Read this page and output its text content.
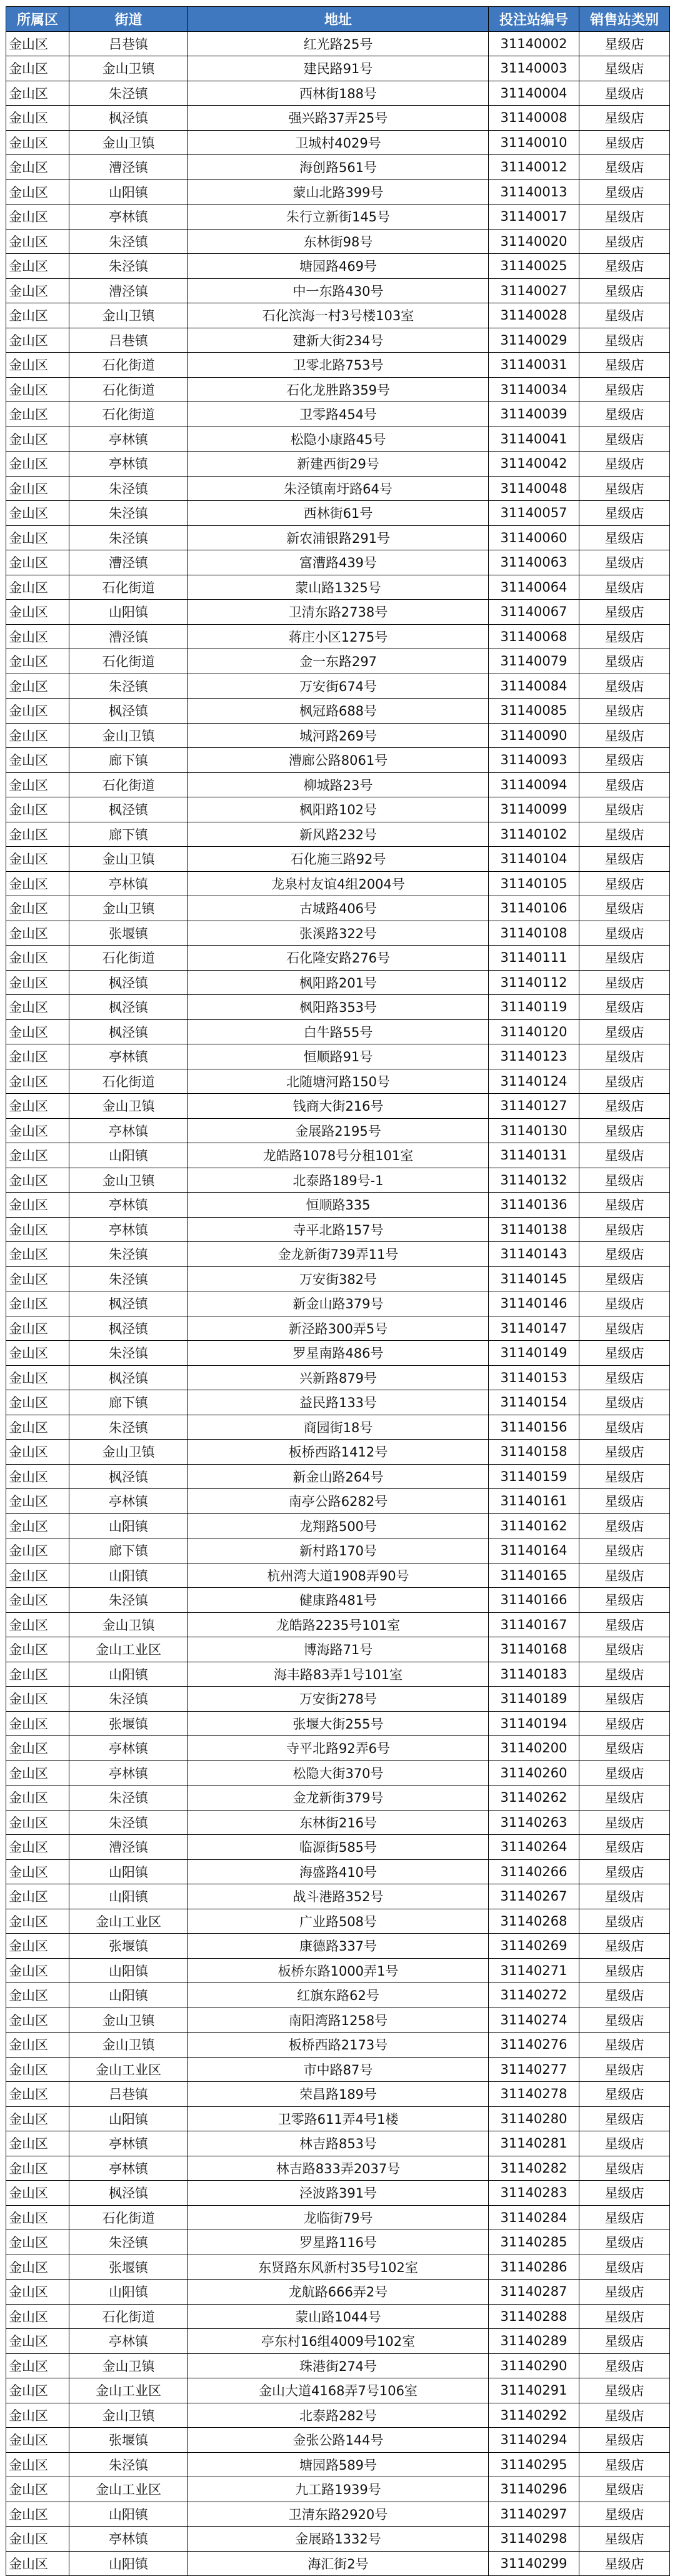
所属区	街道	地址	投注站编号	销售站类别
金山区	吕巷镇	红光路25号	31140002	星级店
金山区	金山卫镇	建民路91号	31140003	星级店
金山区	朱泾镇	西林街188号	31140004	星级店
金山区	枫泾镇	强兴路37弄25号	31140008	星级店
金山区	金山卫镇	卫城村4029号	31140010	星级店
金山区	漕泾镇	海创路561号	31140012	星级店
金山区	山阳镇	蒙山北路399号	31140013	星级店
金山区	亭林镇	朱行立新街145号	31140017	星级店
金山区	朱泾镇	东林街98号	31140020	星级店
金山区	朱泾镇	塘园路469号	31140025	星级店
金山区	漕泾镇	中一东路430号	31140027	星级店
金山区	金山卫镇	石化滨海一村3号楼103室	31140028	星级店
金山区	吕巷镇	建新大街234号	31140029	星级店
金山区	石化街道	卫零北路753号	31140031	星级店
金山区	石化街道	石化龙胜路359号	31140034	星级店
金山区	石化街道	卫零路454号	31140039	星级店
金山区	亭林镇	松隐小康路45号	31140041	星级店
金山区	亭林镇	新建西街29号	31140042	星级店
金山区	朱泾镇	朱泾镇南圩路64号	31140048	星级店
金山区	朱泾镇	西林街61号	31140057	星级店
金山区	朱泾镇	新农浦银路291号	31140060	星级店
金山区	漕泾镇	富漕路439号	31140063	星级店
金山区	石化街道	蒙山路1325号	31140064	星级店
金山区	山阳镇	卫清东路2738号	31140067	星级店
金山区	漕泾镇	蒋庄小区1275号	31140068	星级店
金山区	石化街道	金一东路297	31140079	星级店
金山区	朱泾镇	万安街674号	31140084	星级店
金山区	枫泾镇	枫冠路688号	31140085	星级店
金山区	金山卫镇	城河路269号	31140090	星级店
金山区	廊下镇	漕廊公路8061号	31140093	星级店
金山区	石化街道	柳城路23号	31140094	星级店
金山区	枫泾镇	枫阳路102号	31140099	星级店
金山区	廊下镇	新风路232号	31140102	星级店
金山区	金山卫镇	石化施三路92号	31140104	星级店
金山区	亭林镇	龙泉村友谊4组2004号	31140105	星级店
金山区	金山卫镇	古城路406号	31140106	星级店
金山区	张堰镇	张溪路322号	31140108	星级店
金山区	石化街道	石化隆安路276号	31140111	星级店
金山区	枫泾镇	枫阳路201号	31140112	星级店
金山区	枫泾镇	枫阳路353号	31140119	星级店
金山区	枫泾镇	白牛路55号	31140120	星级店
金山区	亭林镇	恒顺路91号	31140123	星级店
金山区	石化街道	北随塘河路150号	31140124	星级店
金山区	金山卫镇	钱商大街216号	31140127	星级店
金山区	亭林镇	金展路2195号	31140130	星级店
金山区	山阳镇	龙皓路1078号分租101室	31140131	星级店
金山区	金山卫镇	北泰路189号-1	31140132	星级店
金山区	亭林镇	恒顺路335	31140136	星级店
金山区	亭林镇	寺平北路157号	31140138	星级店
金山区	朱泾镇	金龙新街739弄11号	31140143	星级店
金山区	朱泾镇	万安街382号	31140145	星级店
金山区	枫泾镇	新金山路379号	31140146	星级店
金山区	枫泾镇	新泾路300弄5号	31140147	星级店
金山区	朱泾镇	罗星南路486号	31140149	星级店
金山区	枫泾镇	兴新路879号	31140153	星级店
金山区	廊下镇	益民路133号	31140154	星级店
金山区	朱泾镇	商园街18号	31140156	星级店
金山区	金山卫镇	板桥西路1412号	31140158	星级店
金山区	枫泾镇	新金山路264号	31140159	星级店
金山区	亭林镇	南亭公路6282号	31140161	星级店
金山区	山阳镇	龙翔路500号	31140162	星级店
金山区	廊下镇	新村路170号	31140164	星级店
金山区	山阳镇	杭州湾大道1908弄90号	31140165	星级店
金山区	朱泾镇	健康路481号	31140166	星级店
金山区	金山卫镇	龙皓路2235号101室	31140167	星级店
金山区	金山工业区	博海路71号	31140168	星级店
金山区	山阳镇	海丰路83弄1号101室	31140183	星级店
金山区	朱泾镇	万安街278号	31140189	星级店
金山区	张堰镇	张堰大街255号	31140194	星级店
金山区	亭林镇	寺平北路92弄6号	31140200	星级店
金山区	亭林镇	松隐大街370号	31140260	星级店
金山区	朱泾镇	金龙新街379号	31140262	星级店
金山区	朱泾镇	东林街216号	31140263	星级店
金山区	漕泾镇	临源街585号	31140264	星级店
金山区	山阳镇	海盛路410号	31140266	星级店
金山区	山阳镇	战斗港路352号	31140267	星级店
金山区	金山工业区	广业路508号	31140268	星级店
金山区	张堰镇	康德路337号	31140269	星级店
金山区	山阳镇	板桥东路1000弄1号	31140271	星级店
金山区	山阳镇	红旗东路62号	31140272	星级店
金山区	金山卫镇	南阳湾路1258号	31140274	星级店
金山区	金山卫镇	板桥西路2173号	31140276	星级店
金山区	金山工业区	市中路87号	31140277	星级店
金山区	吕巷镇	荣昌路189号	31140278	星级店
金山区	山阳镇	卫零路611弄4号1楼	31140280	星级店
金山区	亭林镇	林吉路853号	31140281	星级店
金山区	亭林镇	林吉路833弄2037号	31140282	星级店
金山区	枫泾镇	泾波路391号	31140283	星级店
金山区	石化街道	龙临街79号	31140284	星级店
金山区	朱泾镇	罗星路116号	31140285	星级店
金山区	张堰镇	东贤路东风新村35号102室	31140286	星级店
金山区	山阳镇	龙航路666弄2号	31140287	星级店
金山区	石化街道	蒙山路1044号	31140288	星级店
金山区	亭林镇	亭东村16组4009号102室	31140289	星级店
金山区	金山卫镇	珠港街274号	31140290	星级店
金山区	金山工业区	金山大道4168弄7号106室	31140291	星级店
金山区	金山卫镇	北泰路282号	31140292	星级店
金山区	张堰镇	金张公路144号	31140294	星级店
金山区	朱泾镇	塘园路589号	31140295	星级店
金山区	金山工业区	九工路1939号	31140296	星级店
金山区	山阳镇	卫清东路2920号	31140297	星级店
金山区	亭林镇	金展路1332号	31140298	星级店
金山区	山阳镇	海汇街2号	31140299	星级店
